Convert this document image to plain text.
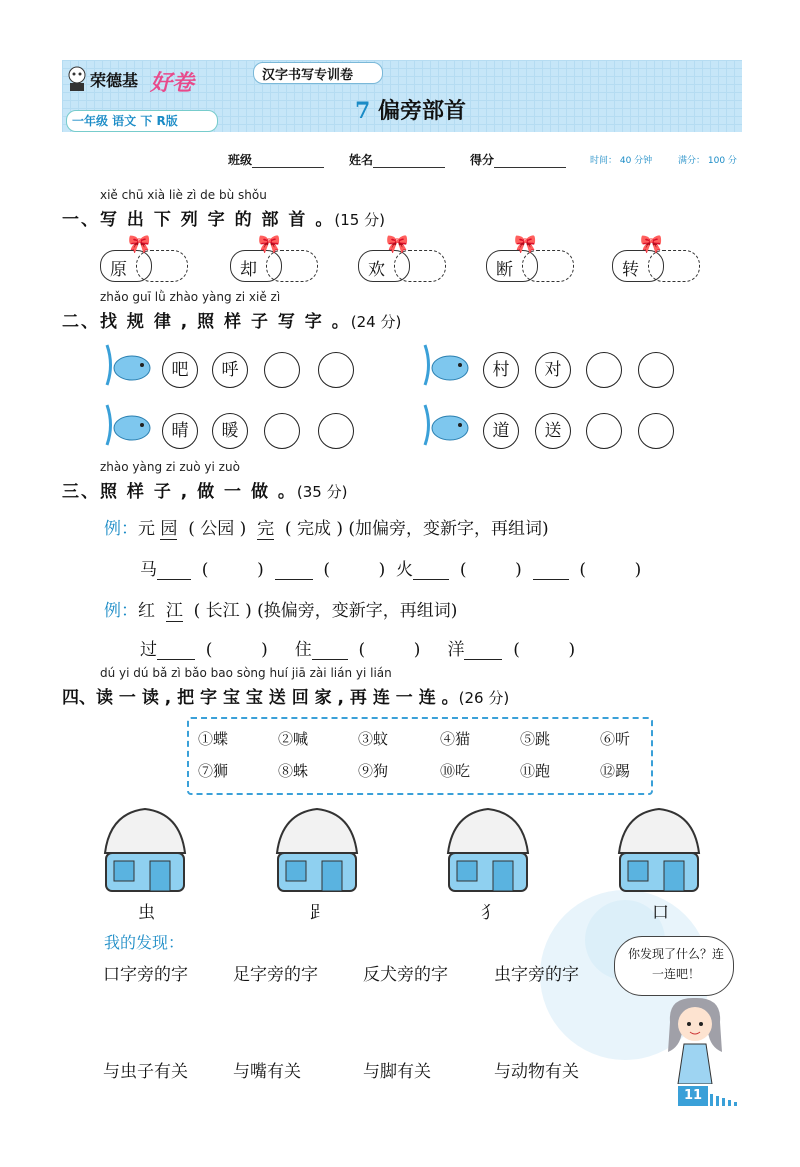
荣德基 好卷
一年级 语文 下 R版
汉字书写专训卷
7 偏旁部首
班级	姓名	得分	时间： 40 分钟	满分： 100 分
xiě chū xià liè zì de bù shǒu
一、写 出 下 列 字 的 部 首 。(15 分)
🎀
原
🎀
却
🎀
欢
🎀
断
🎀
转
zhǎo guī lǜ zhào yàng zi xiě zì
二、找 规 律 , 照 样 子 写 字 。(24 分)
吧	呼	村	对
晴	暖	道	送
zhào yàng zi zuò yi zuò
三、照 样 子 , 做 一 做 。(35 分)
例：元 园 ( 公园 ) 完 ( 完成 ) (加偏旁，变新字，再组词)
马  (         )    (         )  火  (         )    (         )
例：红 江 ( 长江 ) (换偏旁，变新字，再组词)
过  (         )     住  (         )     洋  (         )
dú yi dú bǎ zì bǎo bao sòng huí jiā zài lián yi lián
四、读 一 读 , 把 字 宝 宝 送 回 家 , 再 连 一 连 。(26 分)
①蝶	②喊	③蚊	④猫	⑤跳	⑥听
⑦狮	⑧蛛	⑨狗	⑩吃	⑪跑	⑫踢
虫	𧾷	犭	口
我的发现：
口字旁的字	足字旁的字	反犬旁的字	虫字旁的字
与虫子有关	与嘴有关	与脚有关	与动物有关
你发现了什么？连一连吧！
11
